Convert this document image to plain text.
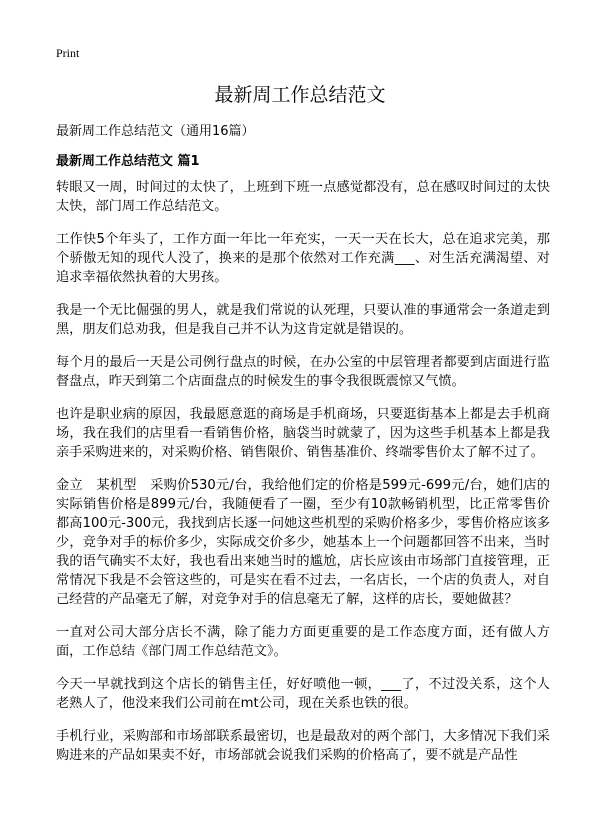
Print
最新周工作总结范文
最新周工作总结范文（通用16篇）
最新周工作总结范文 篇1

转眼又一周，时间过的太快了，上班到下班一点感觉都没有，总在感叹时间过的太快太快，部门周工作总结范文。

工作快5个年头了，工作方面一年比一年充实，一天一天在长大，总在追求完美，那个骄傲无知的现代人没了，换来的是那个依然对工作充满___、对生活充满渴望、对追求幸福依然执着的大男孩。

我是一个无比倔强的男人，就是我们常说的认死理，只要认准的事通常会一条道走到黑，朋友们总劝我，但是我自己并不认为这肯定就是错误的。

每个月的最后一天是公司例行盘点的时候，在办公室的中层管理者都要到店面进行监督盘点，昨天到第二个店面盘点的时候发生的事令我很既震惊又气愤。

也许是职业病的原因，我最愿意逛的商场是手机商场，只要逛街基本上都是去手机商场，我在我们的店里看一看销售价格，脑袋当时就蒙了，因为这些手机基本上都是我亲手采购进来的，对采购价格、销售限价、销售基准价、终端零售价太了解不过了。

金立　某机型　采购价530元/台，我给他们定的价格是599元-699元/台，她们店的实际销售价格是899元/台，我随便看了一圈，至少有10款畅销机型，比正常零售价都高100元-300元，我找到店长逐一问她这些机型的采购价格多少，零售价格应该多少，竞争对手的标价多少，实际成交价多少，她基本上一个问题都回答不出来，当时我的语气确实不太好，我也看出来她当时的尴尬，店长应该由市场部门直接管理，正常情况下我是不会管这些的，可是实在看不过去，一名店长，一个店的负责人，对自己经营的产品毫无了解，对竞争对手的信息毫无了解，这样的店长，要她做甚？

一直对公司大部分店长不满，除了能力方面更重要的是工作态度方面，还有做人方面，工作总结《部门周工作总结范文》。

今天一早就找到这个店长的销售主任，好好喷他一顿，___了，不过没关系，这个人老熟人了，他没来我们公司前在mt公司，现在关系也铁的很。

手机行业，采购部和市场部联系最密切，也是最敌对的两个部门，大多情况下我们采购进来的产品如果卖不好，市场部就会说我们采购的价格高了，要不就是产品性
